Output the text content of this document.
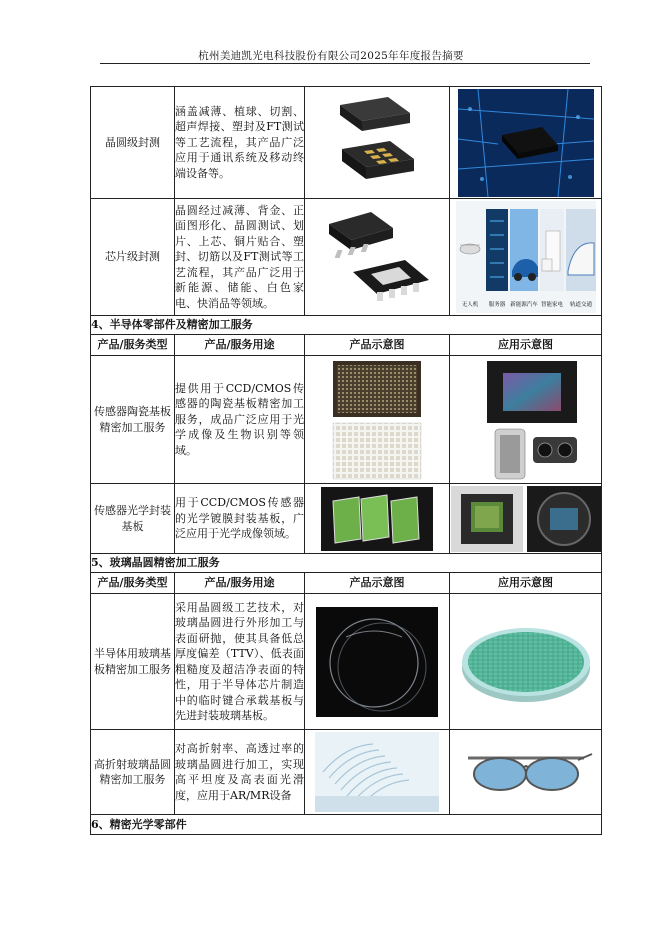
杭州美迪凯光电科技股份有限公司2025年年度报告摘要
晶圆级封测	涵盖减薄、植球、切割、超声焊接、塑封及FT测试等工艺流程，其产品广泛应用于通讯系统及移动终端设备等。	

芯片级封测	晶圆经过减薄、背金、正面图形化、晶圆测试、划片、上芯、铜片贴合、塑封、切筋以及FT测试等工艺流程，其产品广泛用于新能源、储能、白色家电、快消品等领域。		无人机 服务器 新能源汽车 智能家电 轨道交通

4、半导体零部件及精密加工服务			
产品/服务类型	产品/服务用途	产品示意图	应用示意图
传感器陶瓷基板精密加工服务	提供用于CCD/CMOS传感器的陶瓷基板精密加工服务，成品广泛应用于光学成像及生物识别等领域。	

传感器光学封装基板	用于CCD/CMOS传感器的光学镀膜封装基板，广泛应用于光学成像领域。	

5、玻璃晶圆精密加工服务			
产品/服务类型	产品/服务用途	产品示意图	应用示意图
半导体用玻璃基板精密加工服务	采用晶圆级工艺技术，对玻璃晶圆进行外形加工与表面研抛，使其具备低总厚度偏差（TTV）、低表面粗糙度及超洁净表面的特性，用于半导体芯片制造中的临时键合承载基板与先进封装玻璃基板。	

高折射玻璃晶圆精密加工服务	对高折射率、高透过率的玻璃晶圆进行加工，实现高平坦度及高表面光滑度，应用于AR/MR设备	

6、精密光学零部件			
